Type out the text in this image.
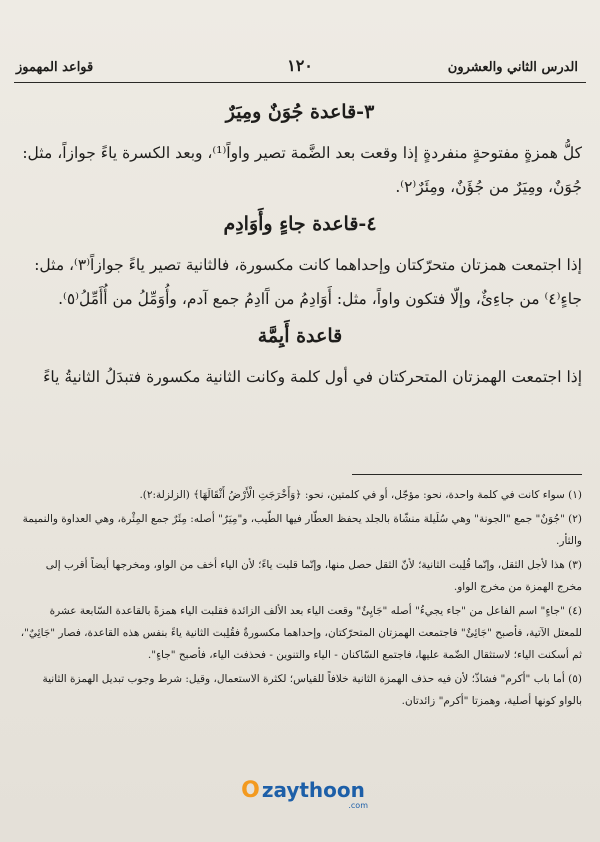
الدرس الثاني والعشرون
١٢٠
قواعد المهموز
٣-قاعدة جُوَنٌ ومِيَرٌ

كلُّ همزةٍ مفتوحةٍ منفردةٍ إذا وقعت بعد الضَّمة تصير واواً⁽¹⁾، وبعد الكسرة ياءً جوازاً، مثل:

جُوَنٌ، ومِيَرٌ من جُؤَنٌ، ومِئَرٌ⁽٢⁾.

٤-قاعدة جاءٍ وأَوَادِم

إذا اجتمعت همزتان متحرّكتان وإحداهما كانت مكسورة، فالثانية تصير ياءً جوازاً⁽٣⁾، مثل:

جاءٍ⁽٤⁾ من جاءِئٌ، وإلّا فتكون واواً، مثل: أَوَادِمُ من آَادِمُ جمع آدم، وأُوَمِّلُ من أُأَمِّلُ⁽٥⁾.

قاعدة أَيِمَّة

إذا اجتمعت الهمزتان المتحركتان في أول كلمة وكانت الثانية مكسورة فتبدَلُ الثانيةُ ياءً

(١) سواء كانت في كلمة واحدة، نحو: مؤجّل، أو في كلمتين، نحو: ﴿وَأَخْرَجَتِ الْأَرْضُ أَثْقَالَهَا﴾ (الزلزلة:٢).

(٢) "جُوَنٌ" جمع "الجونة" وهي سُلَيلة منشّاة بالجلد يحفظ العطّار فيها الطّيب، و"مِيَرٌ" أصله: مِئَرٌ جمع المِئْرة، وهي العداوة والنميمة والثأر.

(٣) هذا لأجل الثقل، وإنّما قُلِبت الثانية؛ لأنّ الثقل حصل منها، وإنّما قلبت ياءً؛ لأن الياء أخف من الواو، ومخرجها أيضاً أقرب إلى مخرج الهمزة من مخرج الواو.

(٤) "جاءٍ" اسم الفاعل من "جاء يجيءُ" أصله "جَايِئٌ" وقعت الياء بعد الألف الزائدة فقلبت الياء همزةً بالقاعدة السّابعة عشرة للمعتل الآتية، فأصبح "جَائِئٌ" فاجتمعت الهمزتان المتحرّكتان، وإحداهما مكسورةٌ فقُلِبت الثانية ياءً بنفس هذه القاعدة، فصار "جَائِيٌ"، ثم أسكنت الياء؛ لاستثقال الضّمة عليها، فاجتمع السّاكنان - الياء والتنوين - فحذفت الياء، فأصبح "جاءٍ".

(٥) أما باب "أكرم" فشاذّ؛ لأن فيه حذف الهمزة الثانية خلافاً للقياس؛ لكثرة الاستعمال، وقيل: شرط وجوب تبديل الهمزة الثانية بالواو كونها أصلية، وهمزتا "أكرم" زائدتان.

O zaythoon
.com
